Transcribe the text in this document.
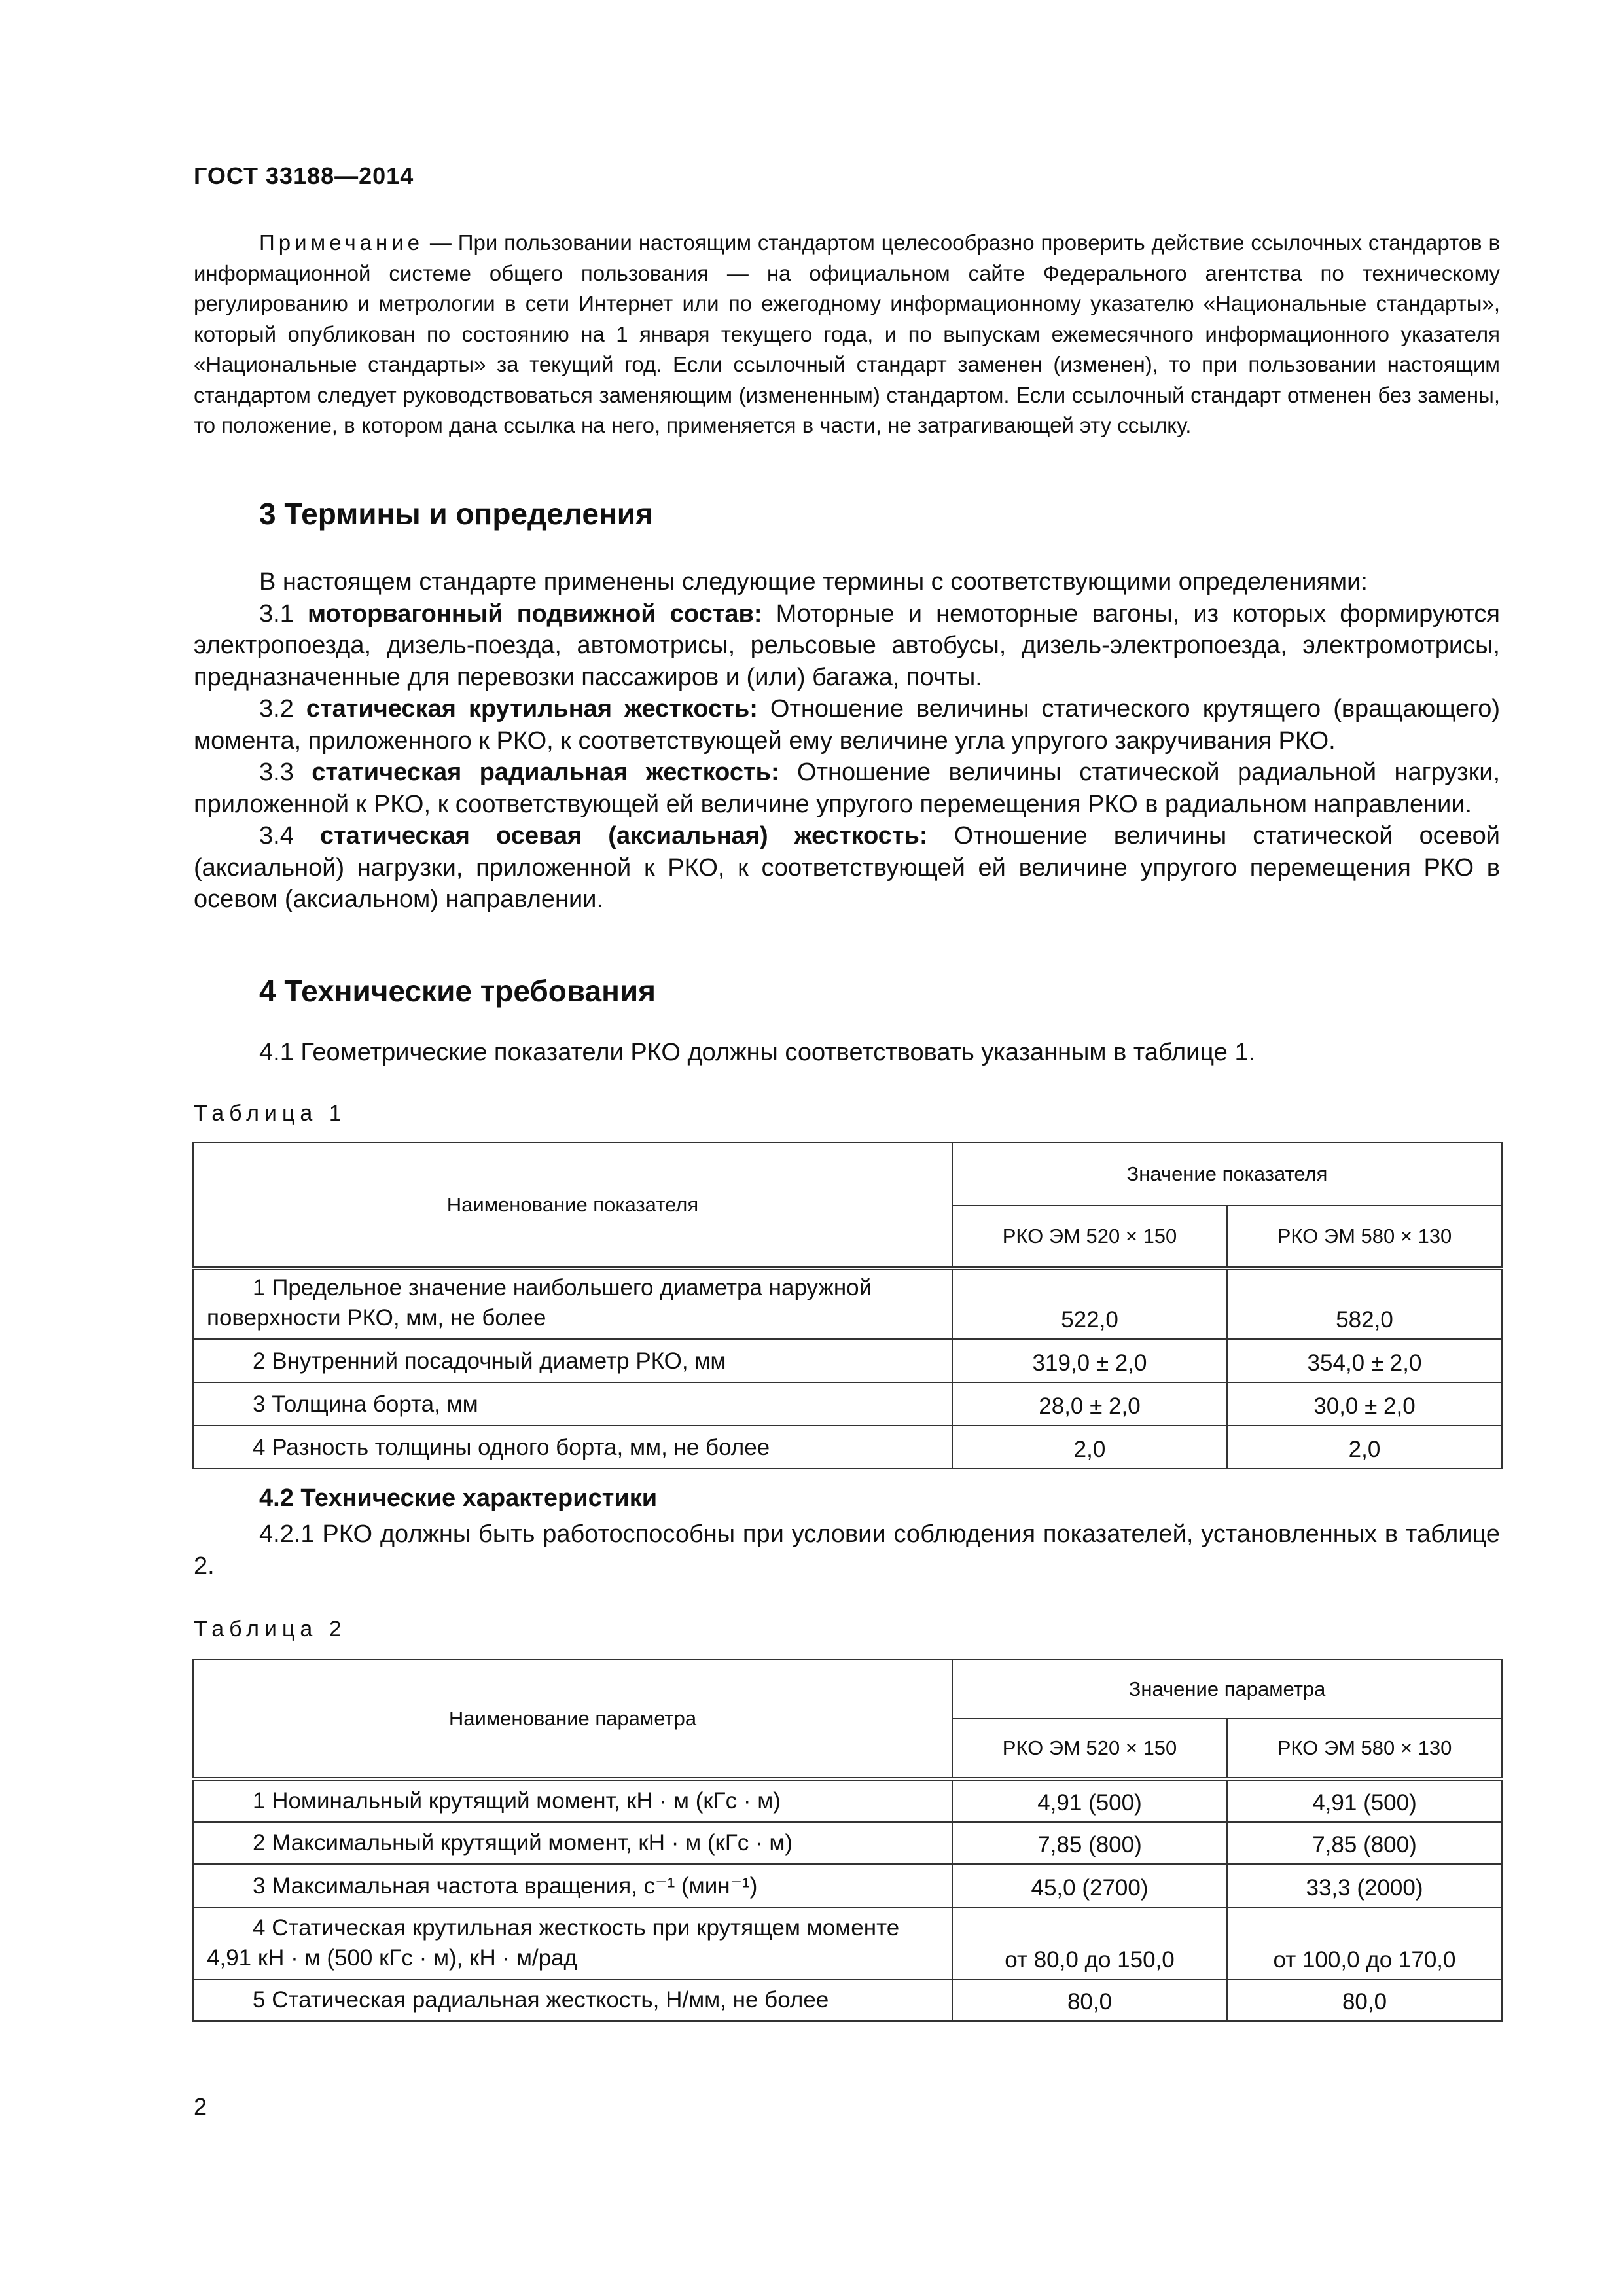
ГОСТ 33188—2014
Примечание — При пользовании настоящим стандартом целесообразно проверить действие ссылочных стандартов в информационной системе общего пользования — на официальном сайте Федерального агентства по техническому регулированию и метрологии в сети Интернет или по ежегодному информационному указателю «Национальные стандарты», который опубликован по состоянию на 1 января текущего года, и по выпускам ежемесячного информационного указателя «Национальные стандарты» за текущий год. Если ссылочный стандарт заменен (изменен), то при пользовании настоящим стандартом следует руководствоваться заменяющим (измененным) стандартом. Если ссылочный стандарт отменен без замены, то положение, в котором дана ссылка на него, применяется в части, не затрагивающей эту ссылку.
3 Термины и определения

В настоящем стандарте применены следующие термины с соответствующими определениями:

3.1 моторвагонный подвижной состав: Моторные и немоторные вагоны, из которых формируются электропоезда, дизель-поезда, автомотрисы, рельсовые автобусы, дизель-электропоезда, электромотрисы, предназначенные для перевозки пассажиров и (или) багажа, почты.

3.2 статическая крутильная жесткость: Отношение величины статического крутящего (вращающего) момента, приложенного к РКО, к соответствующей ему величине угла упругого закручивания РКО.

3.3 статическая радиальная жесткость: Отношение величины статической радиальной нагрузки, приложенной к РКО, к соответствующей ей величине упругого перемещения РКО в радиальном направлении.

3.4 статическая осевая (аксиальная) жесткость: Отношение величины статической осевой (аксиальной) нагрузки, приложенной к РКО, к соответствующей ей величине упругого перемещения РКО в осевом (аксиальном) направлении.

4 Технические требования

4.1 Геометрические показатели РКО должны соответствовать указанным в таблице 1.

Таблица 1
Наименование показателя	Значение показателя	
	РКО ЭМ 520 × 150	РКО ЭМ 580 × 130
1 Предельное значение наибольшего диаметра наружной поверхности РКО, мм, не более	522,0	582,0
2 Внутренний посадочный диаметр РКО, мм	319,0 ± 2,0	354,0 ± 2,0
3 Толщина борта, мм	28,0 ± 2,0	30,0 ± 2,0
4 Разность толщины одного борта, мм, не более	2,0	2,0
4.2 Технические характеристики

4.2.1 РКО должны быть работоспособны при условии соблюдения показателей, установленных в таблице 2.

Таблица 2
Наименование параметра	Значение параметра	
	РКО ЭМ 520 × 150	РКО ЭМ 580 × 130
1 Номинальный крутящий момент, кН · м (кГс · м)	4,91 (500)	4,91 (500)
2 Максимальный крутящий момент, кН · м (кГс · м)	7,85 (800)	7,85 (800)
3 Максимальная частота вращения, с⁻¹ (мин⁻¹)	45,0 (2700)	33,3 (2000)
4 Статическая крутильная жесткость при крутящем моменте 4,91 кН · м (500 кГс · м), кН · м/рад	от 80,0 до 150,0	от 100,0 до 170,0
5 Статическая радиальная жесткость, Н/мм, не более	80,0	80,0
2
